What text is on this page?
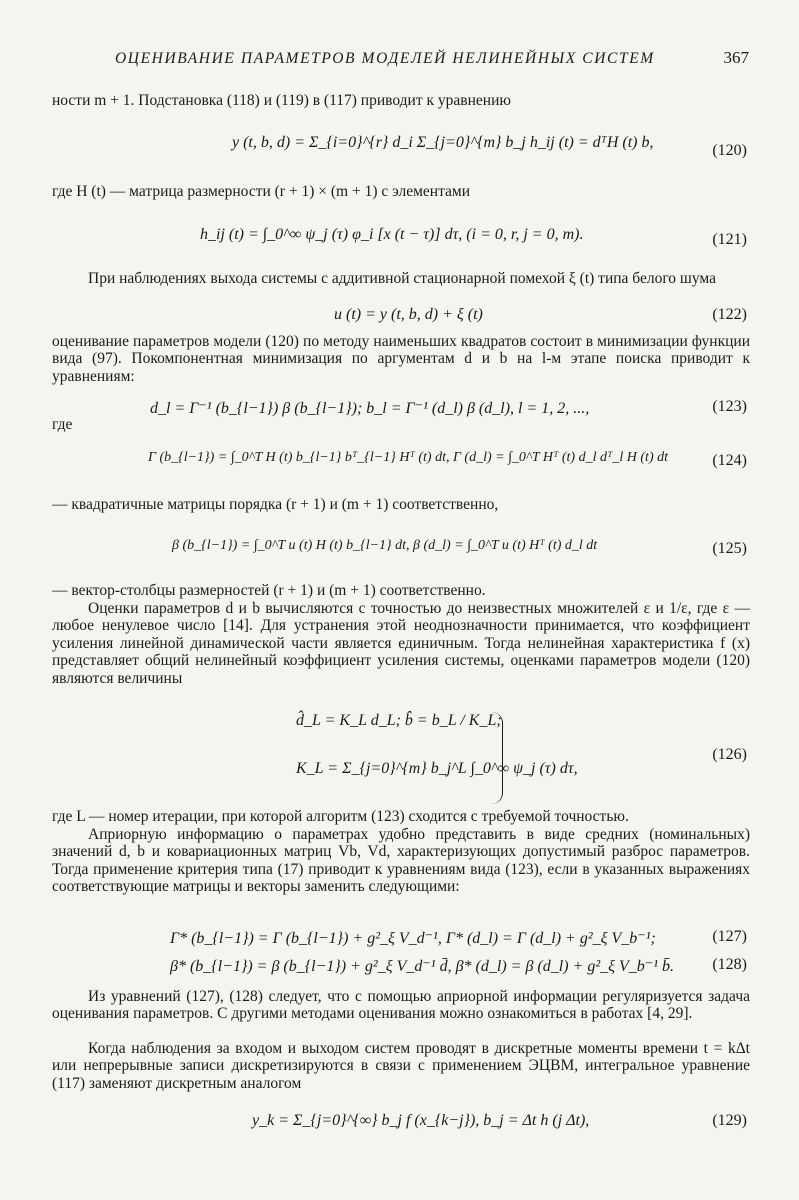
ОЦЕНИВАНИЕ ПАРАМЕТРОВ МОДЕЛЕЙ НЕЛИНЕЙНЫХ СИСТЕМ	367
ности m + 1. Подстановка (118) и (119) в (117) приводит к уравнению
y (t, b, d) = Σ_{i=0}^{r} d_i Σ_{j=0}^{m} b_j h_ij (t) = dᵀH (t) b,	(120)
где H (t) — матрица размерности (r + 1) × (m + 1) с элементами
h_ij (t) = ∫_0^∞ ψ_j (τ) φ_i [x (t − τ)] dτ, (i = 0, r, j = 0, m).	(121)
При наблюдениях выхода системы с аддитивной стационарной помехой ξ (t) типа белого шума
u (t) = y (t, b, d) + ξ (t)	(122)
оценивание параметров модели (120) по методу наименьших квадратов состоит в минимизации функции вида (97). Покомпонентная минимизация по аргументам d и b на l-м этапе поиска приводит к уравнениям:
d_l = Γ⁻¹ (b_{l−1}) β (b_{l−1}); b_l = Γ⁻¹ (d_l) β (d_l), l = 1, 2, ...,	(123)
где
Γ (b_{l−1}) = ∫_0^T H (t) b_{l−1} bᵀ_{l−1} Hᵀ (t) dt, Γ (d_l) = ∫_0^T Hᵀ (t) d_l dᵀ_l H (t) dt	(124)
— квадратичные матрицы порядка (r + 1) и (m + 1) соответственно,
β (b_{l−1}) = ∫_0^T u (t) H (t) b_{l−1} dt, β (d_l) = ∫_0^T u (t) Hᵀ (t) d_l dt	(125)
— вектор-столбцы размерностей (r + 1) и (m + 1) соответственно.
Оценки параметров d и b вычисляются с точностью до неизвестных множителей ε и 1/ε, где ε — любое ненулевое число [14]. Для устранения этой неоднозначности принимается, что коэффициент усиления линейной динамической части является единичным. Тогда нелинейная характеристика f (x) представляет общий нелинейный коэффициент усиления системы, оценками параметров модели (120) являются величины
d̂_L = K_L d_L; b̂ = b_L / K_L;
K_L = Σ_{j=0}^{m} b_j^L ∫_0^∞ ψ_j (τ) dτ,
(126)
где L — номер итерации, при которой алгоритм (123) сходится с требуемой точностью.
Априорную информацию о параметрах удобно представить в виде средних (номинальных) значений d, b и ковариационных матриц Vb, Vd, характеризующих допустимый разброс параметров. Тогда применение критерия типа (17) приводит к уравнениям вида (123), если в указанных выражениях соответствующие матрицы и векторы заменить следующими:
Γ* (b_{l−1}) = Γ (b_{l−1}) + g²_ξ V_d⁻¹, Γ* (d_l) = Γ (d_l) + g²_ξ V_b⁻¹;	(127)
β* (b_{l−1}) = β (b_{l−1}) + g²_ξ V_d⁻¹ d̄, β* (d_l) = β (d_l) + g²_ξ V_b⁻¹ b̄. (128)
Из уравнений (127), (128) следует, что с помощью априорной информации регуляризуется задача оценивания параметров. С другими методами оценивания можно ознакомиться в работах [4, 29].
Когда наблюдения за входом и выходом систем проводят в дискретные моменты времени t = kΔt или непрерывные записи дискретизируются в связи с применением ЭЦВМ, интегральное уравнение (117) заменяют дискретным аналогом
y_k = Σ_{j=0}^{∞} b_j f (x_{k−j}), b_j = Δt h (j Δt),	(129)
